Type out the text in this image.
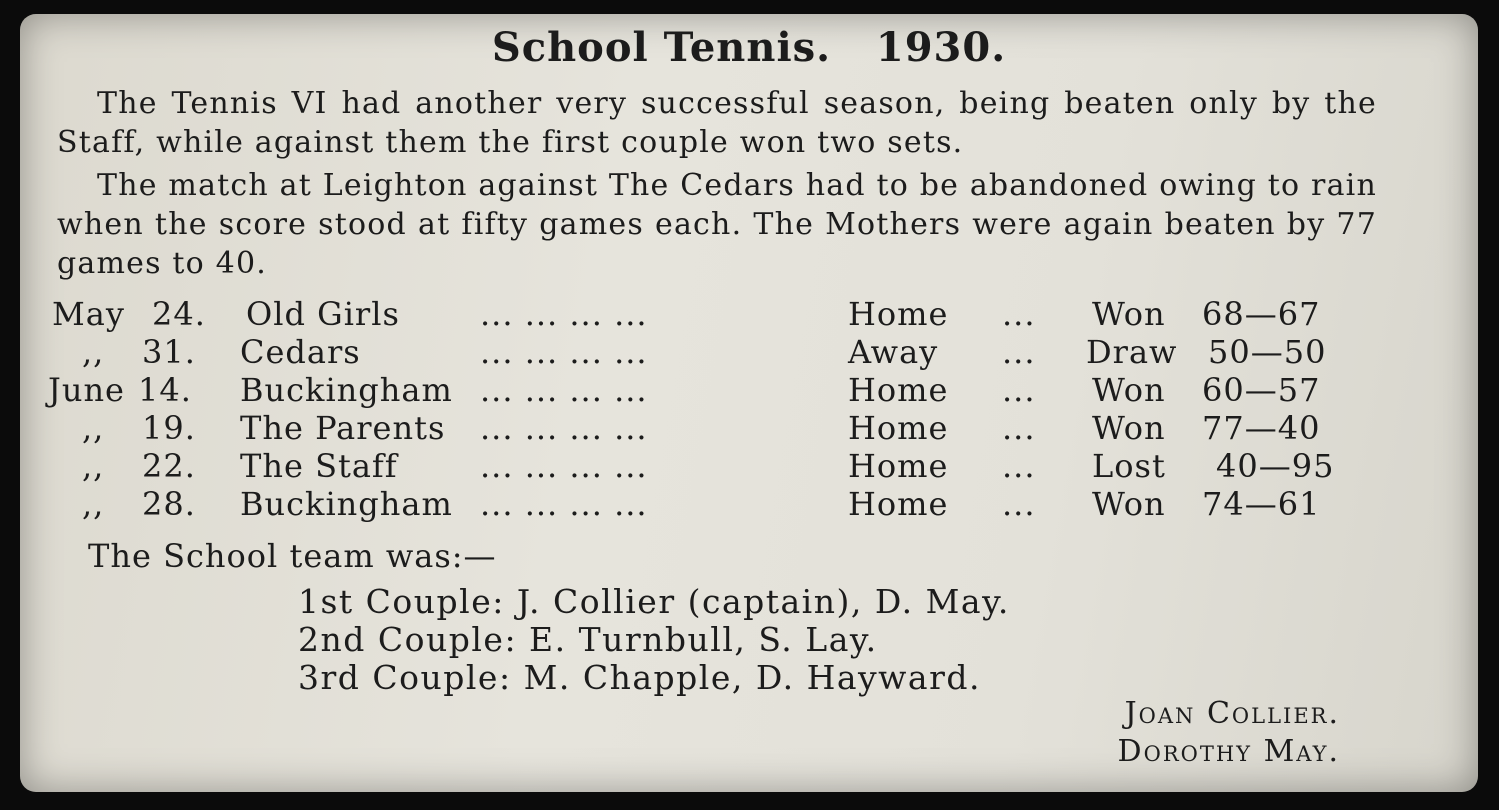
School Tennis.   1930.
The Tennis VI had another very successful season, being beaten only by the Staff, while against them the first couple won two sets.
The match at Leighton against The Cedars had to be abandoned owing to rain when the score stood at fifty games each. The Mothers were again beaten by 77 games to 40.
May 24. Old Girls	... ... ... ...	Home ... Won 68—67
,, 31. Cedars	... ... ... ...	Away ... Draw 50—50
June 14. Buckingham ... ... ... ...	Home ... Won 60—57
,, 19. The Parents ... ... ... ...	Home ... Won 77—40
,, 22. The Staff	... ... ... ...	Home ... Lost 40—95
,, 28. Buckingham ... ... ... ...	Home ... Won 74—61
The School team was:—
1st Couple: J. Collier (captain), D. May.
2nd Couple: E. Turnbull, S. Lay.
3rd Couple: M. Chapple, D. Hayward.
Joan Collier.
Dorothy May.
